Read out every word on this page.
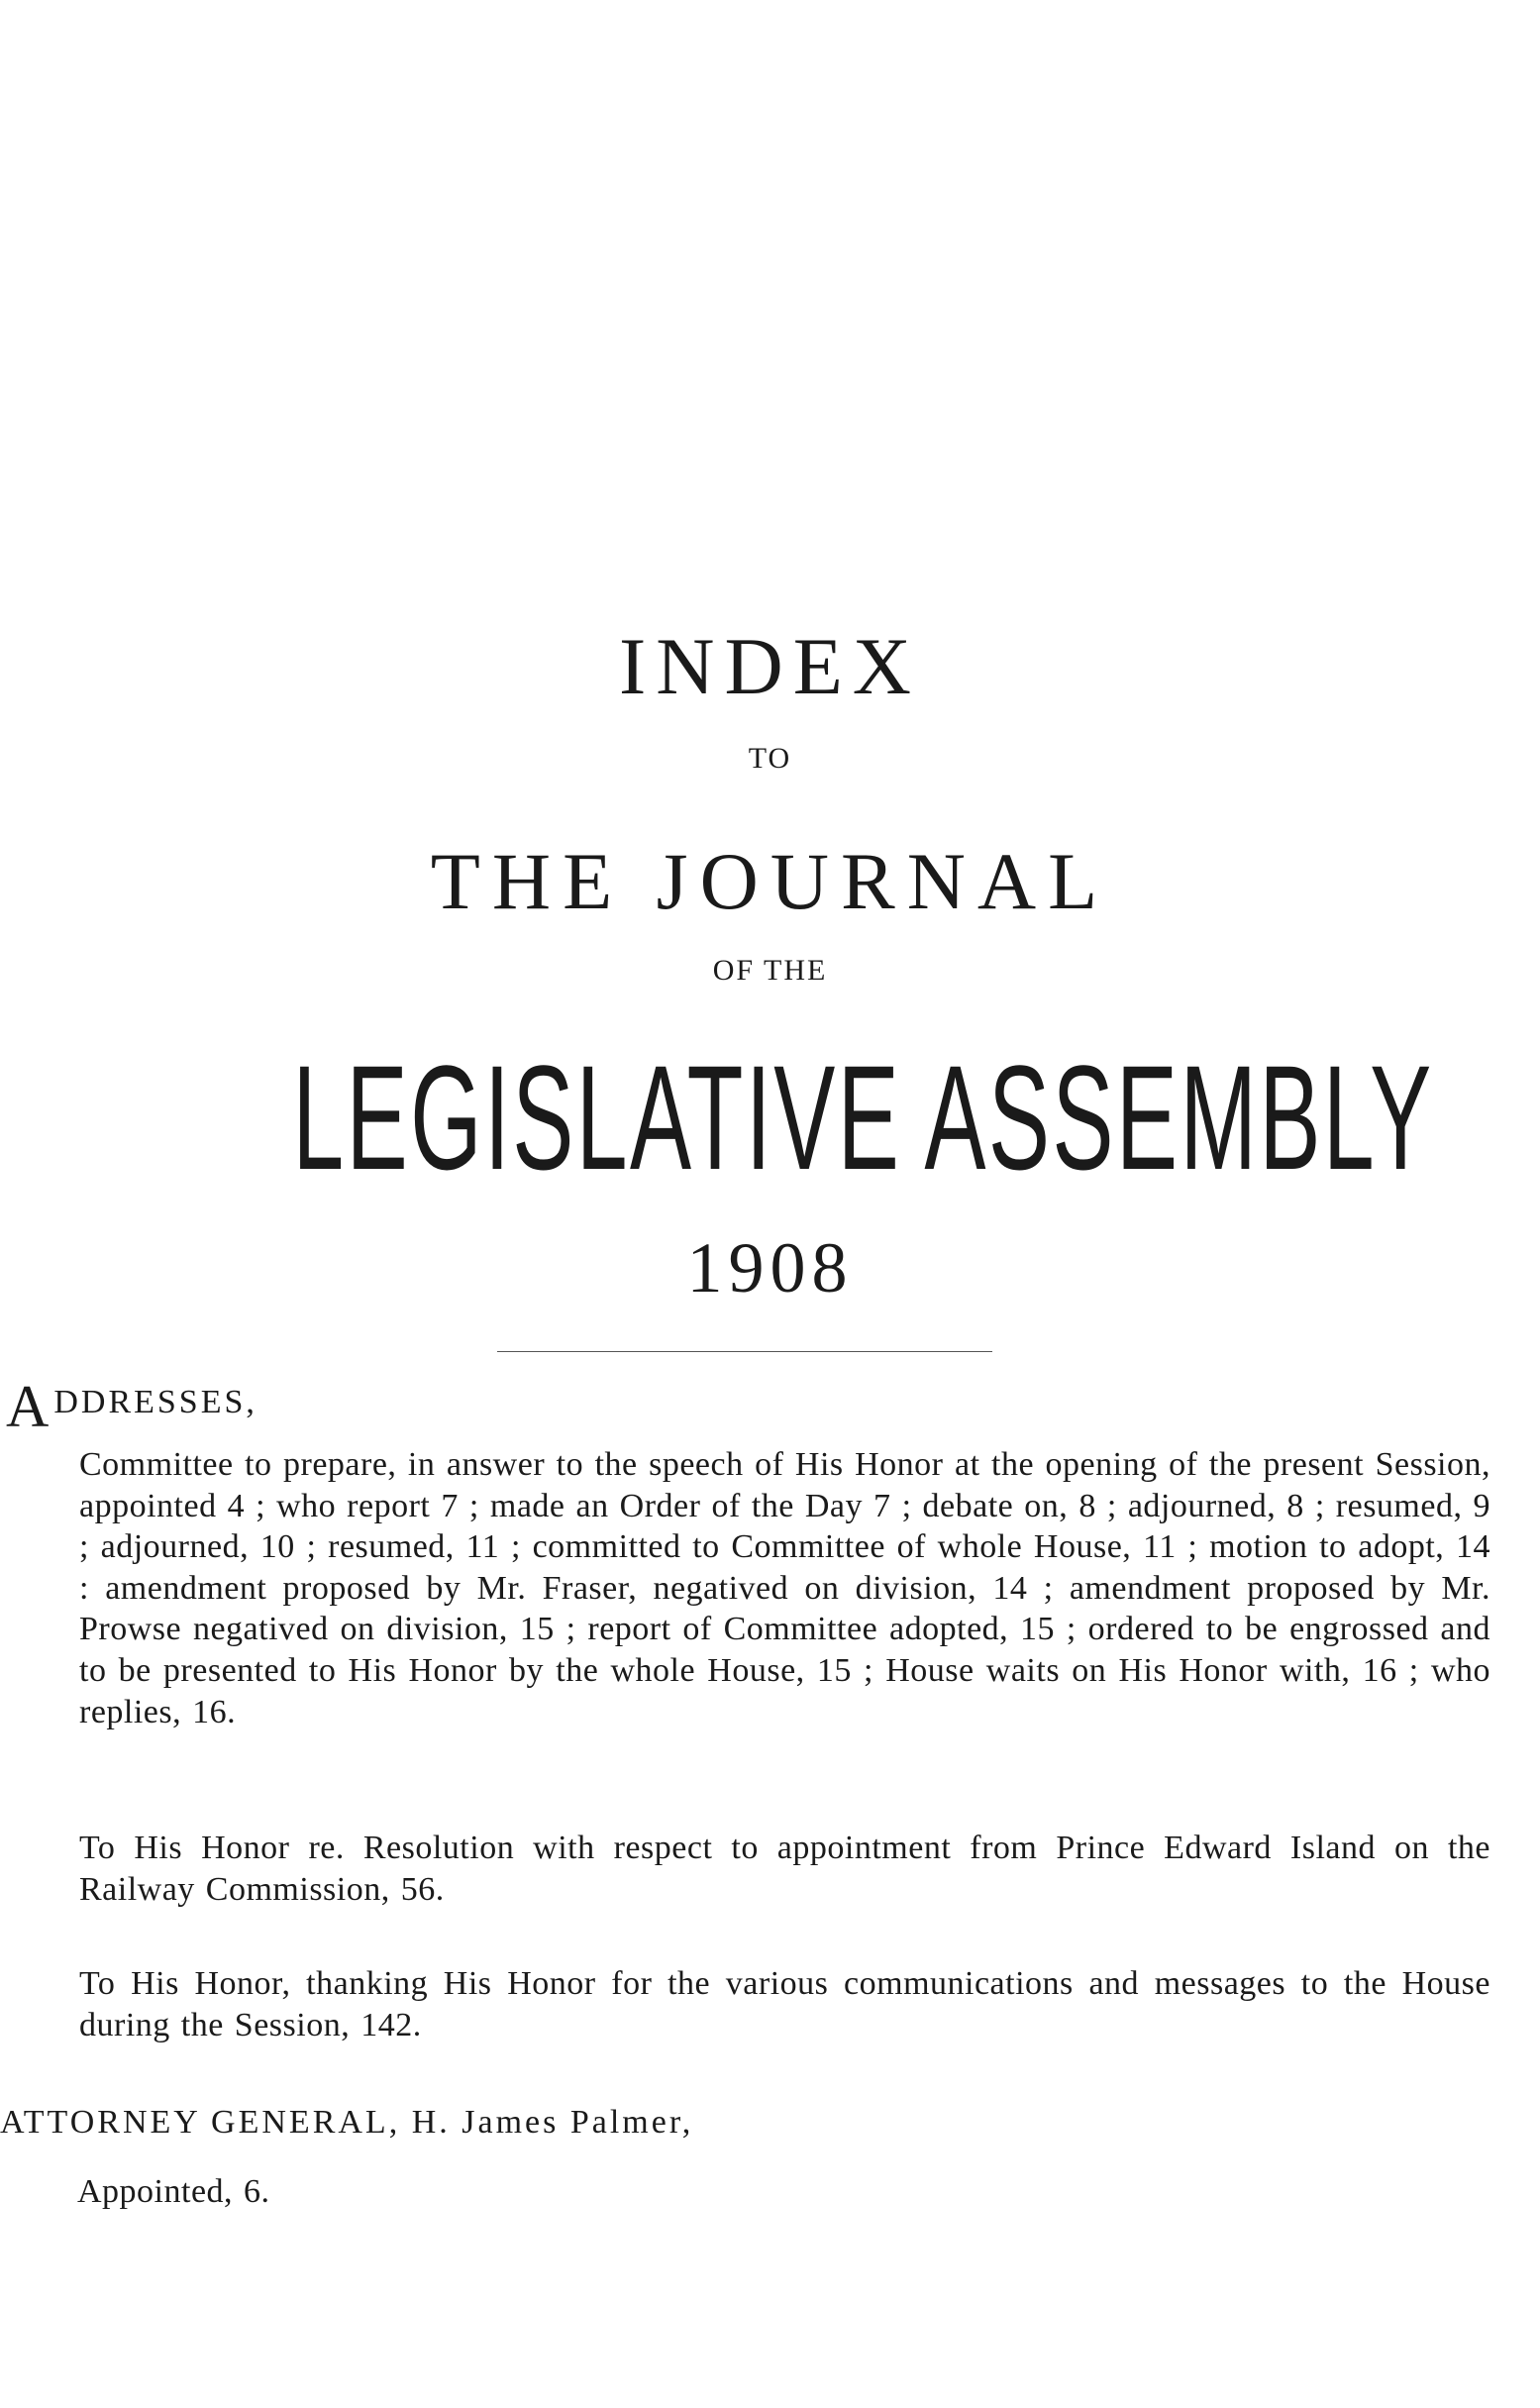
INDEX
TO
THE JOURNAL
OF THE
LEGISLATIVE ASSEMBLY
1908
ADDRESSES,
Committee to prepare, in answer to the speech of His Honor at the opening of the present Session, appointed 4 ; who report 7 ; made an Order of the Day 7 ; debate on, 8 ; adjourned, 8 ; resumed, 9 ; adjourned, 10 ; resumed, 11 ; committed to Committee of whole House, 11 ; motion to adopt, 14 : amendment proposed by Mr. Fraser, negatived on division, 14 ; amendment proposed by Mr. Prowse negatived on division, 15 ; report of Committee adopted, 15 ; ordered to be engrossed and to be presented to His Honor by the whole House, 15 ; House waits on His Honor with, 16 ; who replies, 16.
To His Honor re. Resolution with respect to appointment from Prince Edward Island on the Railway Commission, 56.
To His Honor, thanking His Honor for the various communications and messages to the House during the Session, 142.
ATTORNEY GENERAL, H. James Palmer,
Appointed, 6.
